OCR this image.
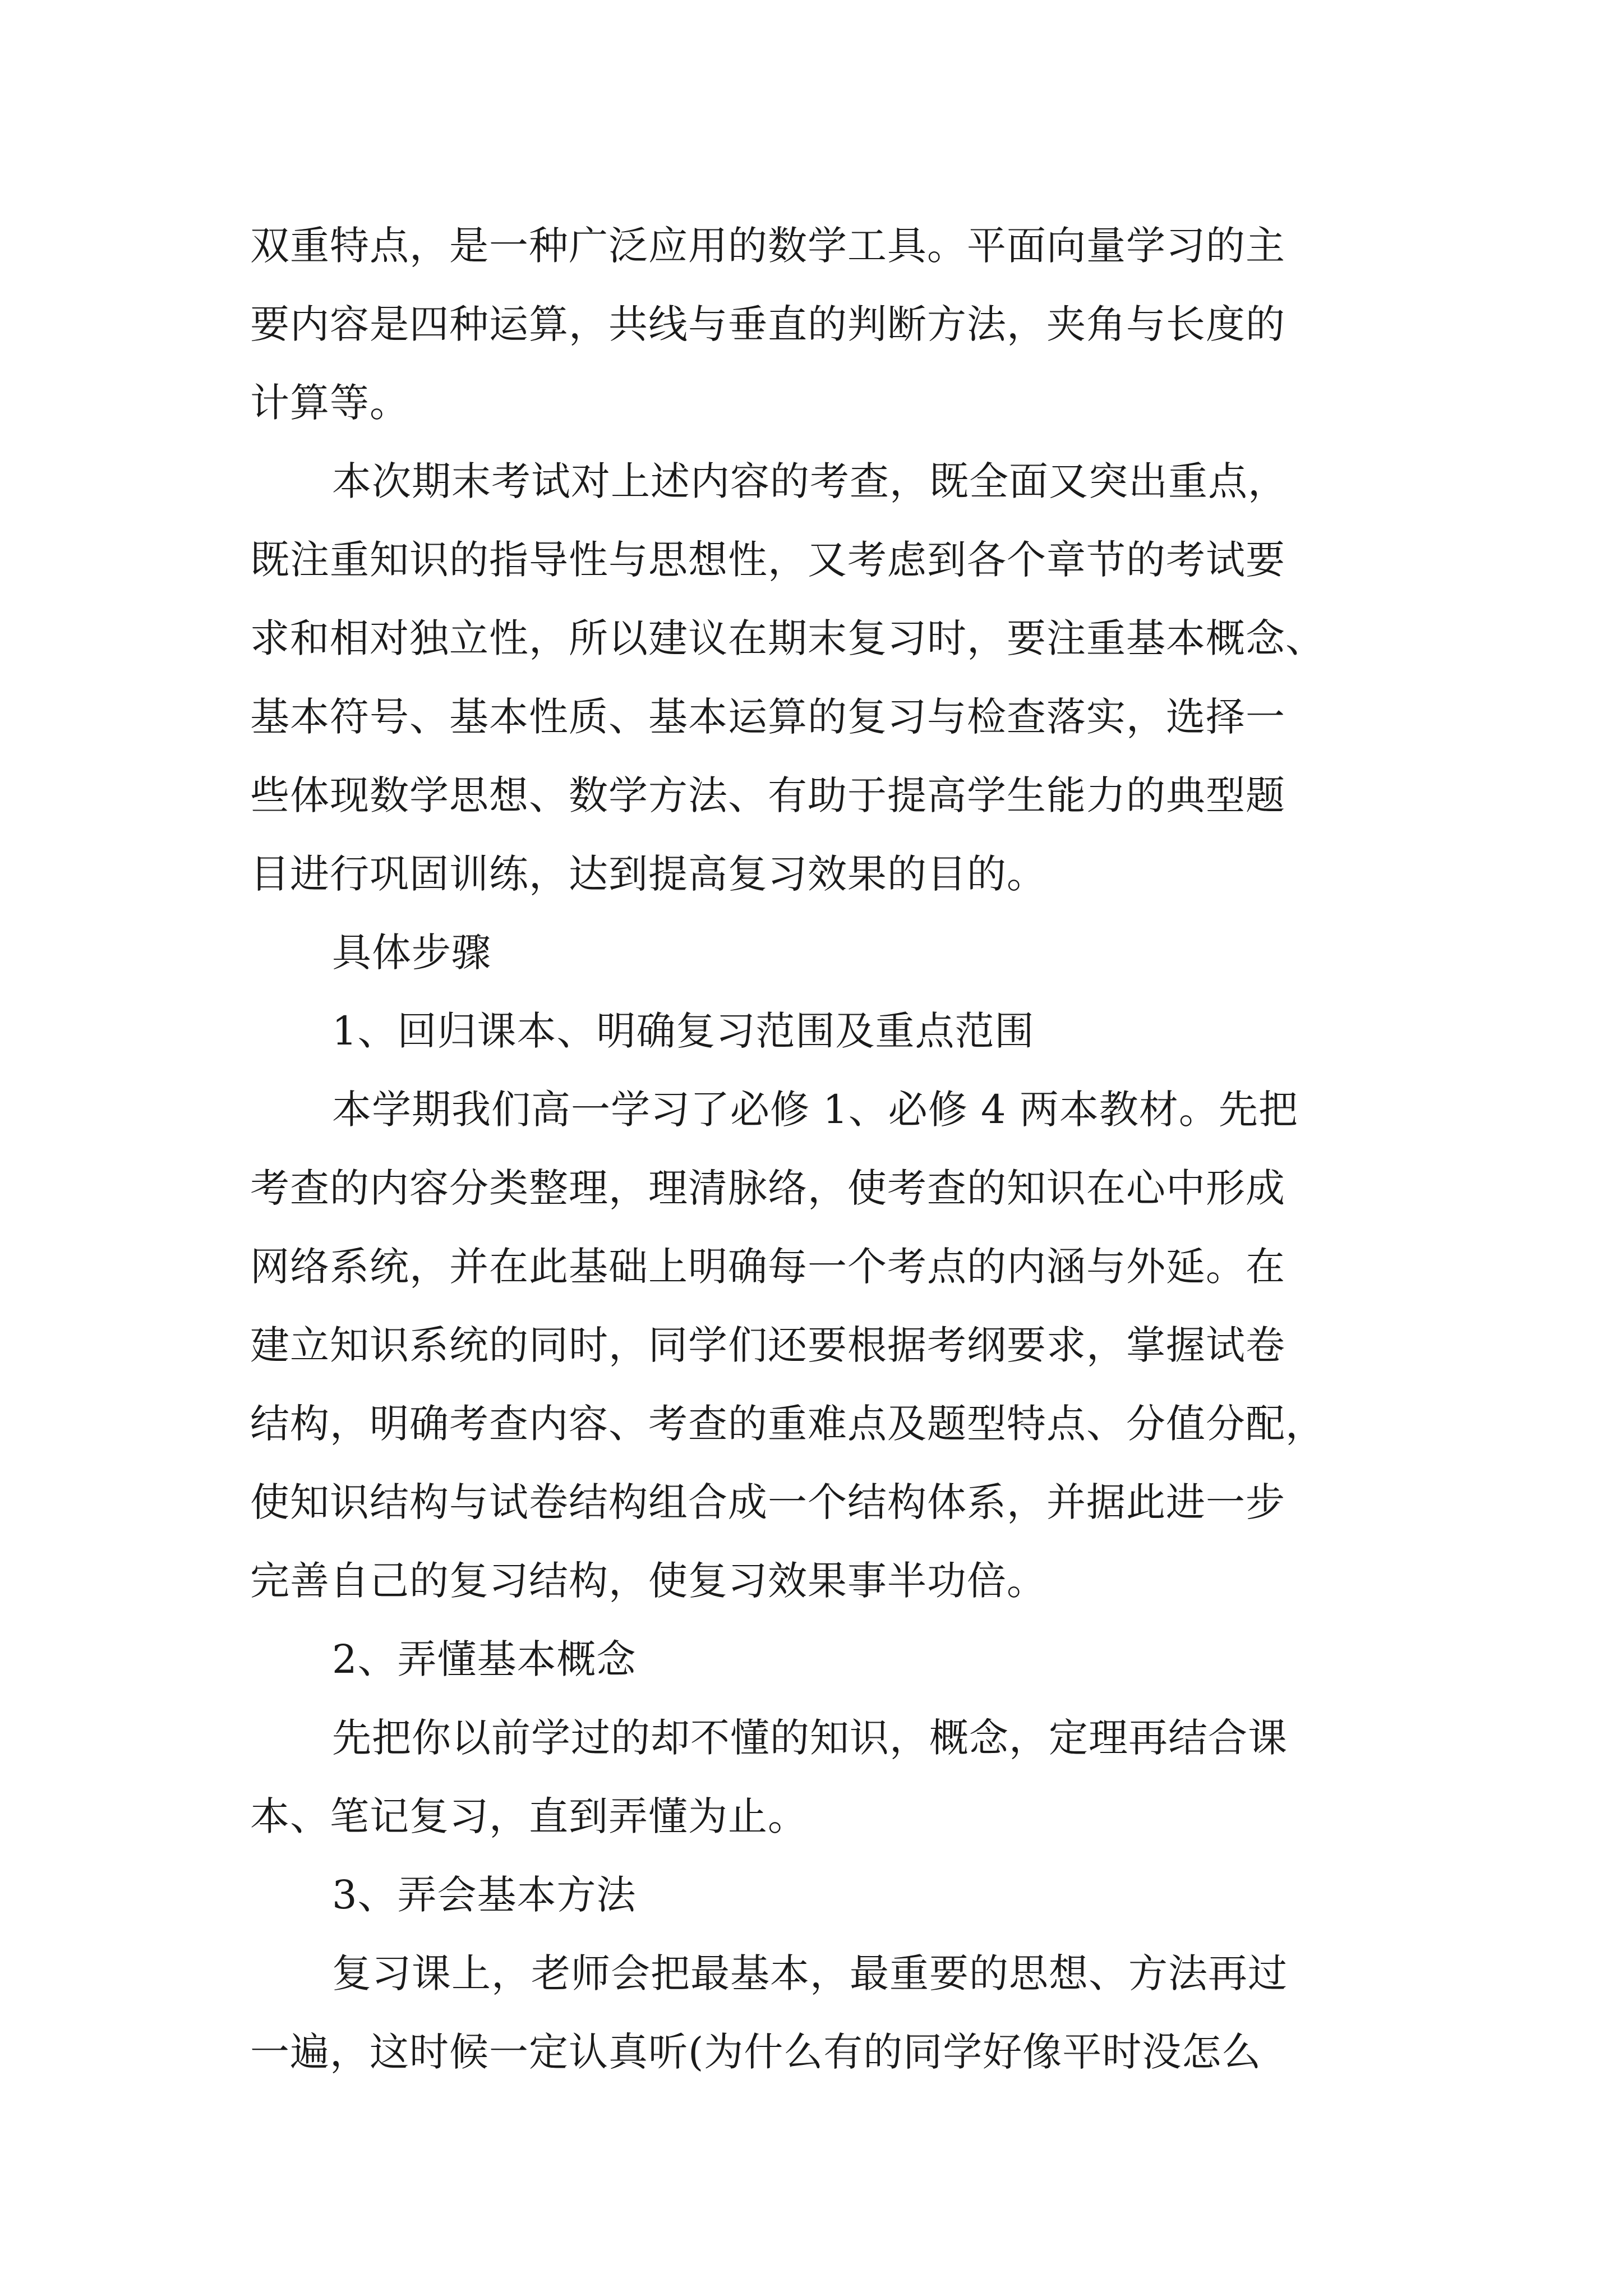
双重特点，是一种广泛应用的数学工具。平面向量学习的主
要内容是四种运算，共线与垂直的判断方法，夹角与长度的
计算等。
本次期末考试对上述内容的考查，既全面又突出重点，
既注重知识的指导性与思想性，又考虑到各个章节的考试要
求和相对独立性，所以建议在期末复习时，要注重基本概念、
基本符号、基本性质、基本运算的复习与检查落实，选择一
些体现数学思想、数学方法、有助于提高学生能力的典型题
目进行巩固训练，达到提高复习效果的目的。
具体步骤
1、回归课本、明确复习范围及重点范围
本学期我们高一学习了必修 1、必修 4 两本教材。先把
考查的内容分类整理，理清脉络，使考查的知识在心中形成
网络系统，并在此基础上明确每一个考点的内涵与外延。在
建立知识系统的同时，同学们还要根据考纲要求，掌握试卷
结构，明确考查内容、考查的重难点及题型特点、分值分配，
使知识结构与试卷结构组合成一个结构体系，并据此进一步
完善自己的复习结构，使复习效果事半功倍。
2、弄懂基本概念
先把你以前学过的却不懂的知识，概念，定理再结合课
本、笔记复习，直到弄懂为止。
3、弄会基本方法
复习课上，老师会把最基本，最重要的思想、方法再过
一遍，这时候一定认真听(为什么有的同学好像平时没怎么
